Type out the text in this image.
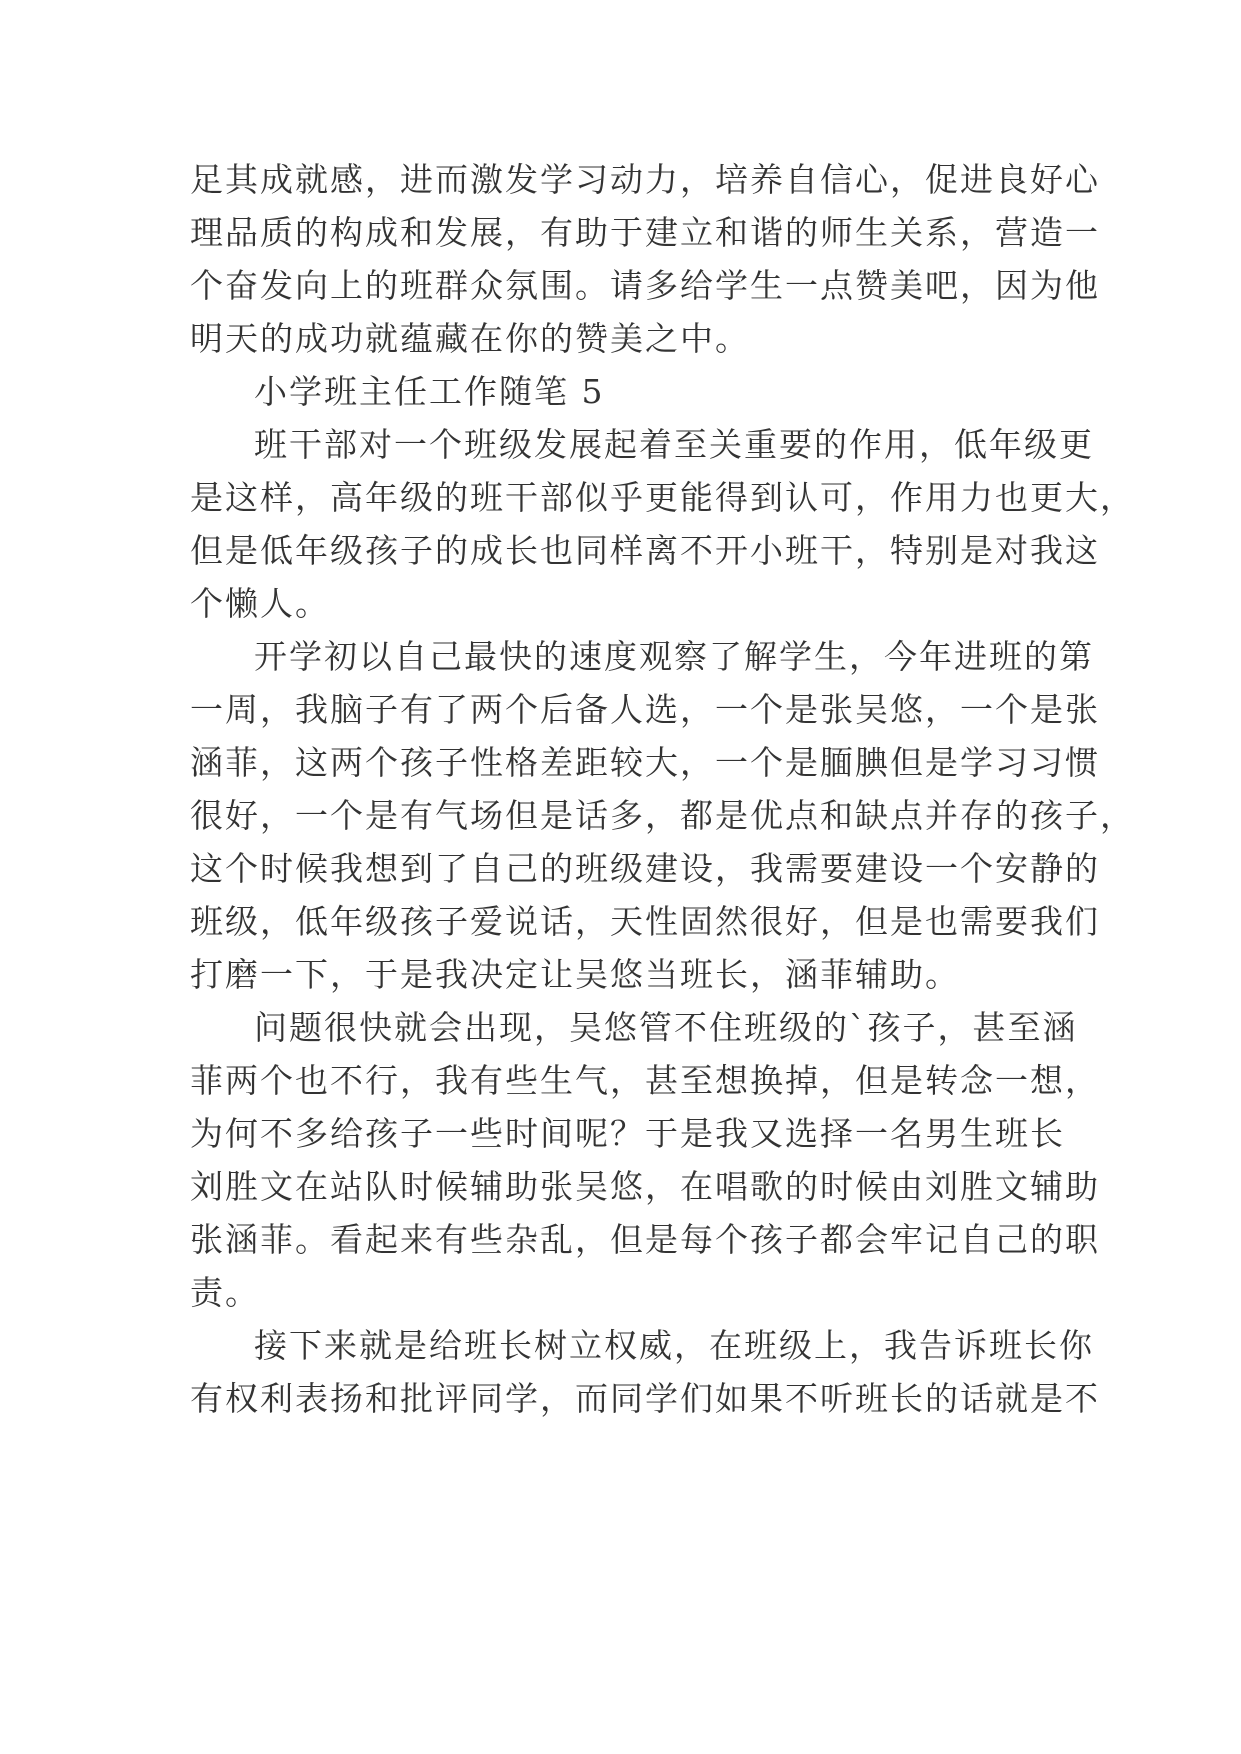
足其成就感，进而激发学习动力，培养自信心，促进良好心
理品质的构成和发展，有助于建立和谐的师生关系，营造一
个奋发向上的班群众氛围。请多给学生一点赞美吧，因为他
明天的成功就蕴藏在你的赞美之中。
小学班主任工作随笔 5
班干部对一个班级发展起着至关重要的作用，低年级更
是这样，高年级的班干部似乎更能得到认可，作用力也更大，
但是低年级孩子的成长也同样离不开小班干，特别是对我这
个懒人。
开学初以自己最快的速度观察了解学生，今年进班的第
一周，我脑子有了两个后备人选，一个是张吴悠，一个是张
涵菲，这两个孩子性格差距较大，一个是腼腆但是学习习惯
很好，一个是有气场但是话多，都是优点和缺点并存的孩子，
这个时候我想到了自己的班级建设，我需要建设一个安静的
班级，低年级孩子爱说话，天性固然很好，但是也需要我们
打磨一下，于是我决定让吴悠当班长，涵菲辅助。
问题很快就会出现，吴悠管不住班级的`孩子，甚至涵
菲两个也不行，我有些生气，甚至想换掉，但是转念一想，
为何不多给孩子一些时间呢？于是我又选择一名男生班长
刘胜文在站队时候辅助张吴悠，在唱歌的时候由刘胜文辅助
张涵菲。看起来有些杂乱，但是每个孩子都会牢记自己的职
责。
接下来就是给班长树立权威，在班级上，我告诉班长你
有权利表扬和批评同学，而同学们如果不听班长的话就是不
